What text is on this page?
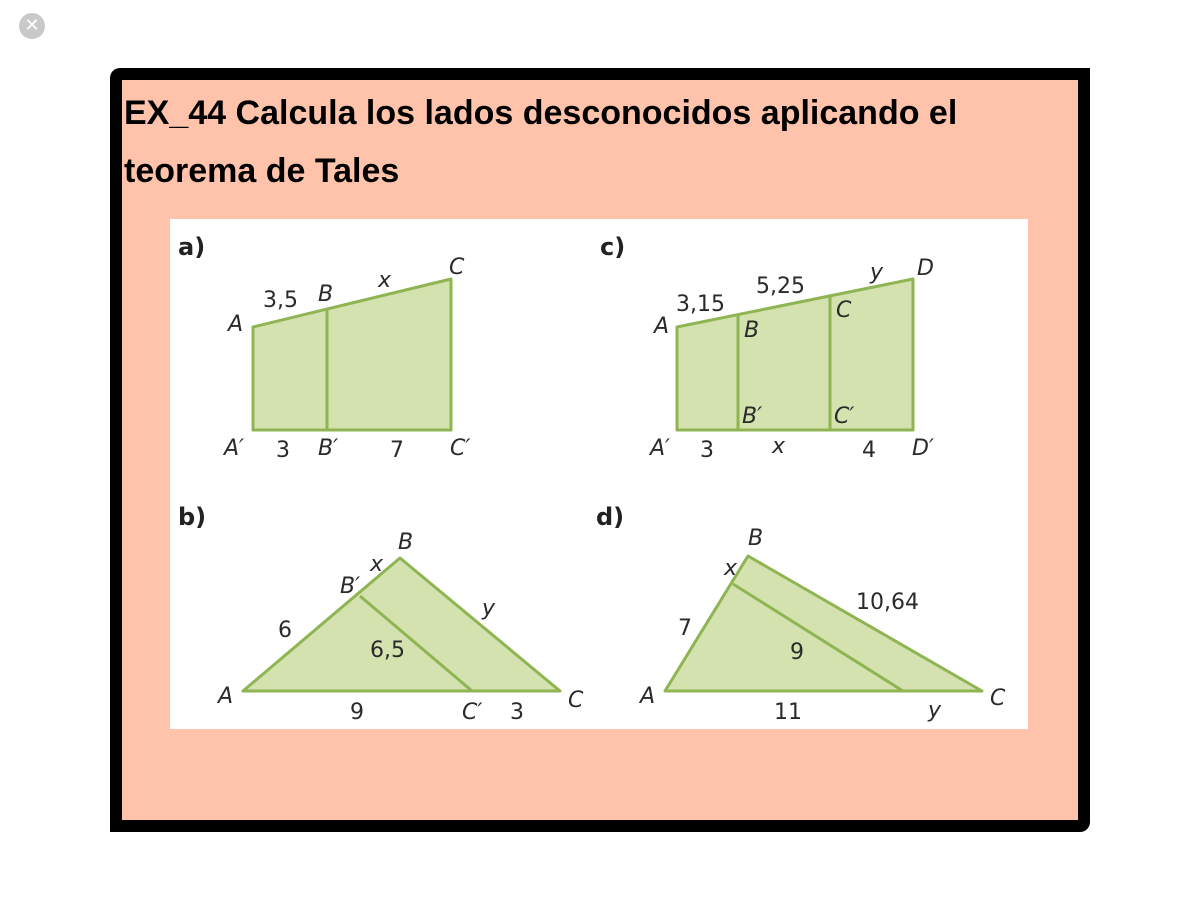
✕
EX_44 Calcula los lados desconocidos aplicando el teorema de Tales
a)
A
B
C
3,5
x
A′ 3 B′ 7 C′
c)
A
3,15
5,25
y D
B
C
B′	C′
A′ 3	x	4 D′
b)
B
x
B′
y
6
6,5
A
9	C′ 3 C
d)
B
x
10,64
7
9
A
11	y C
